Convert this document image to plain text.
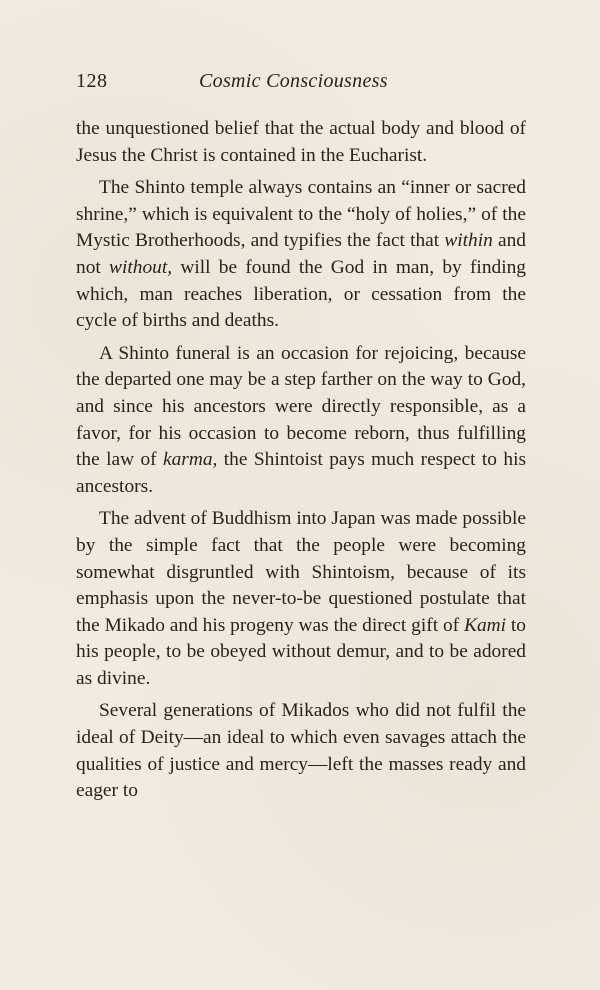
128	Cosmic Consciousness

the unquestioned belief that the actual body and blood of Jesus the Christ is contained in the Eucharist.

The Shinto temple always contains an “inner or sacred shrine,” which is equivalent to the “holy of holies,” of the Mystic Brotherhoods, and typifies the fact that within and not without, will be found the God in man, by finding which, man reaches liberation, or cessation from the cycle of births and deaths.

A Shinto funeral is an occasion for rejoicing, because the departed one may be a step farther on the way to God, and since his ancestors were directly responsible, as a favor, for his occasion to become reborn, thus fulfilling the law of karma, the Shintoist pays much respect to his ancestors.

The advent of Buddhism into Japan was made possible by the simple fact that the people were becoming somewhat disgruntled with Shintoism, because of its emphasis upon the never-to-be questioned postulate that the Mikado and his progeny was the direct gift of Kami to his people, to be obeyed without demur, and to be adored as divine.

Several generations of Mikados who did not fulfil the ideal of Deity—an ideal to which even savages attach the qualities of justice and mercy—left the masses ready and eager to
